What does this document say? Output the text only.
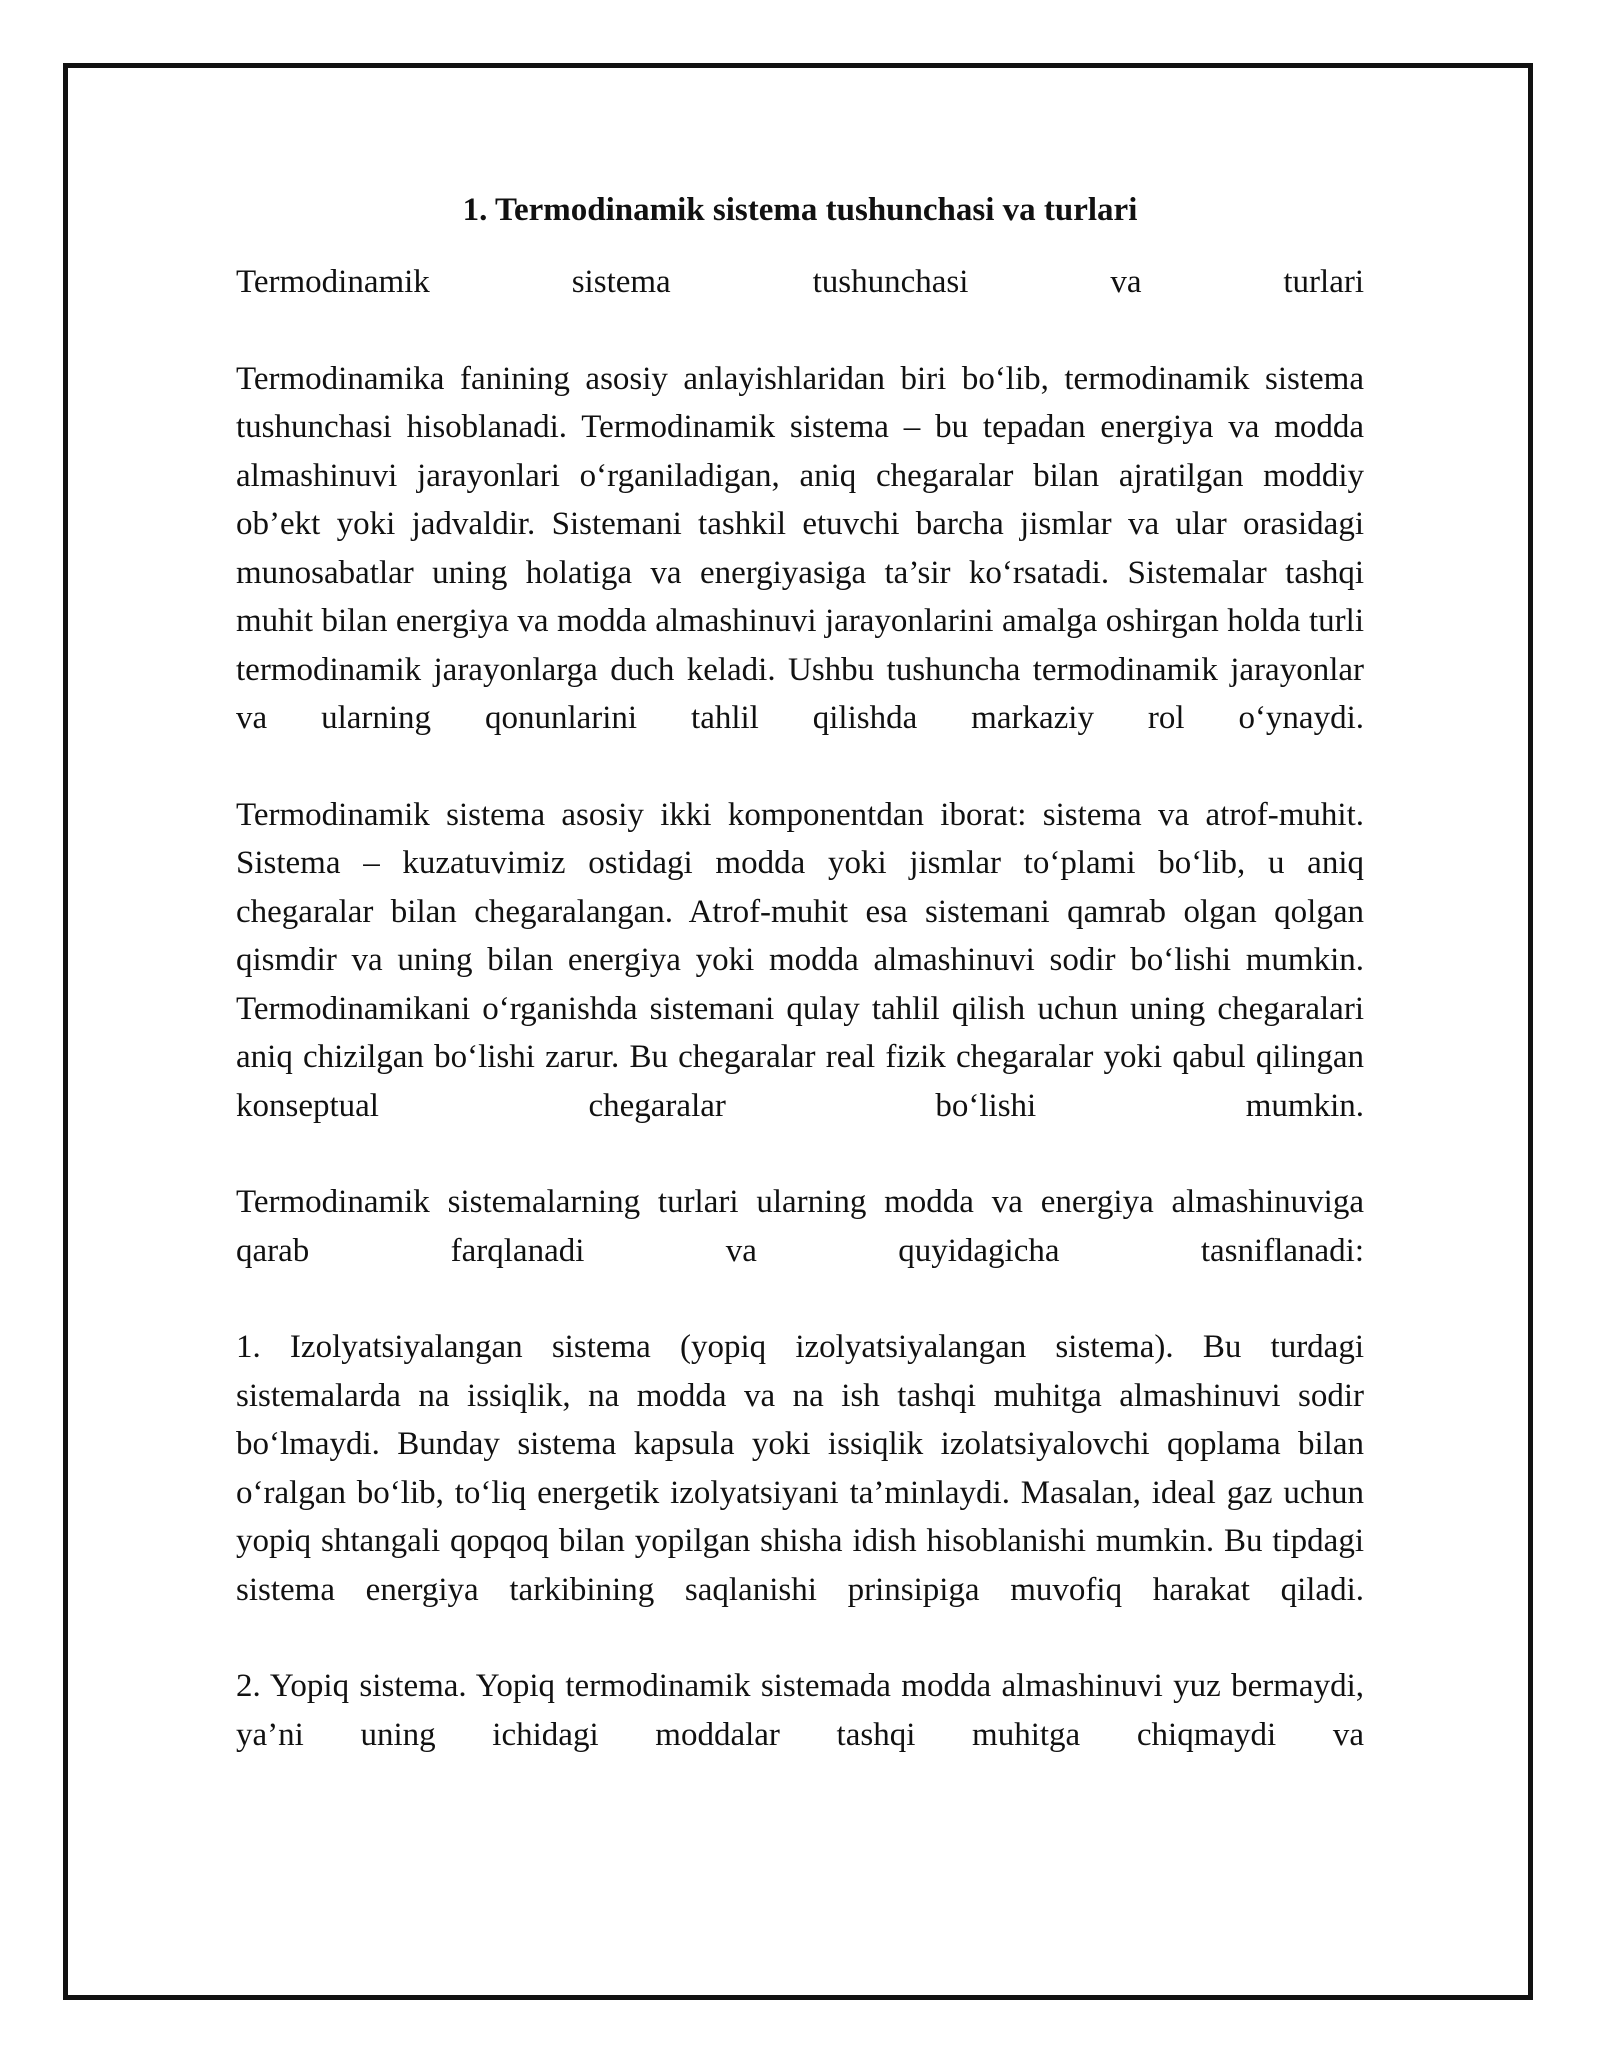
1. Termodinamik sistema tushunchasi va turlari

Termodinamik sistema tushunchasi va turlari

Termodinamika fanining asosiy anlayishlaridan biri bo‘lib, termodinamik sistema tushunchasi hisoblanadi. Termodinamik sistema – bu tepadan energiya va modda almashinuvi jarayonlari o‘rganiladigan, aniq chegaralar bilan ajratilgan moddiy ob’ekt yoki jadvaldir. Sistemani tashkil etuvchi barcha jismlar va ular orasidagi munosabatlar uning holatiga va energiyasiga ta’sir ko‘rsatadi. Sistemalar tashqi muhit bilan energiya va modda almashinuvi jarayonlarini amalga oshirgan holda turli termodinamik jarayonlarga duch keladi. Ushbu tushuncha termodinamik jarayonlar va ularning qonunlarini tahlil qilishda markaziy rol o‘ynaydi.

Termodinamik sistema asosiy ikki komponentdan iborat: sistema va atrof-muhit. Sistema – kuzatuvimiz ostidagi modda yoki jismlar to‘plami bo‘lib, u aniq chegaralar bilan chegaralangan. Atrof-muhit esa sistemani qamrab olgan qolgan qismdir va uning bilan energiya yoki modda almashinuvi sodir bo‘lishi mumkin. Termodinamikani o‘rganishda sistemani qulay tahlil qilish uchun uning chegaralari aniq chizilgan bo‘lishi zarur. Bu chegaralar real fizik chegaralar yoki qabul qilingan konseptual chegaralar bo‘lishi mumkin.

Termodinamik sistemalarning turlari ularning modda va energiya almashinuviga qarab farqlanadi va quyidagicha tasniflanadi:

1. Izolyatsiyalangan sistema (yopiq izolyatsiyalangan sistema). Bu turdagi sistemalarda na issiqlik, na modda va na ish tashqi muhitga almashinuvi sodir bo‘lmaydi. Bunday sistema kapsula yoki issiqlik izolatsiyalovchi qoplama bilan o‘ralgan bo‘lib, to‘liq energetik izolyatsiyani ta’minlaydi. Masalan, ideal gaz uchun yopiq shtangali qopqoq bilan yopilgan shisha idish hisoblanishi mumkin. Bu tipdagi sistema energiya tarkibining saqlanishi prinsipiga muvofiq harakat qiladi.

2. Yopiq sistema. Yopiq termodinamik sistemada modda almashinuvi yuz bermaydi, ya’ni uning ichidagi moddalar tashqi muhitga chiqmaydi va
